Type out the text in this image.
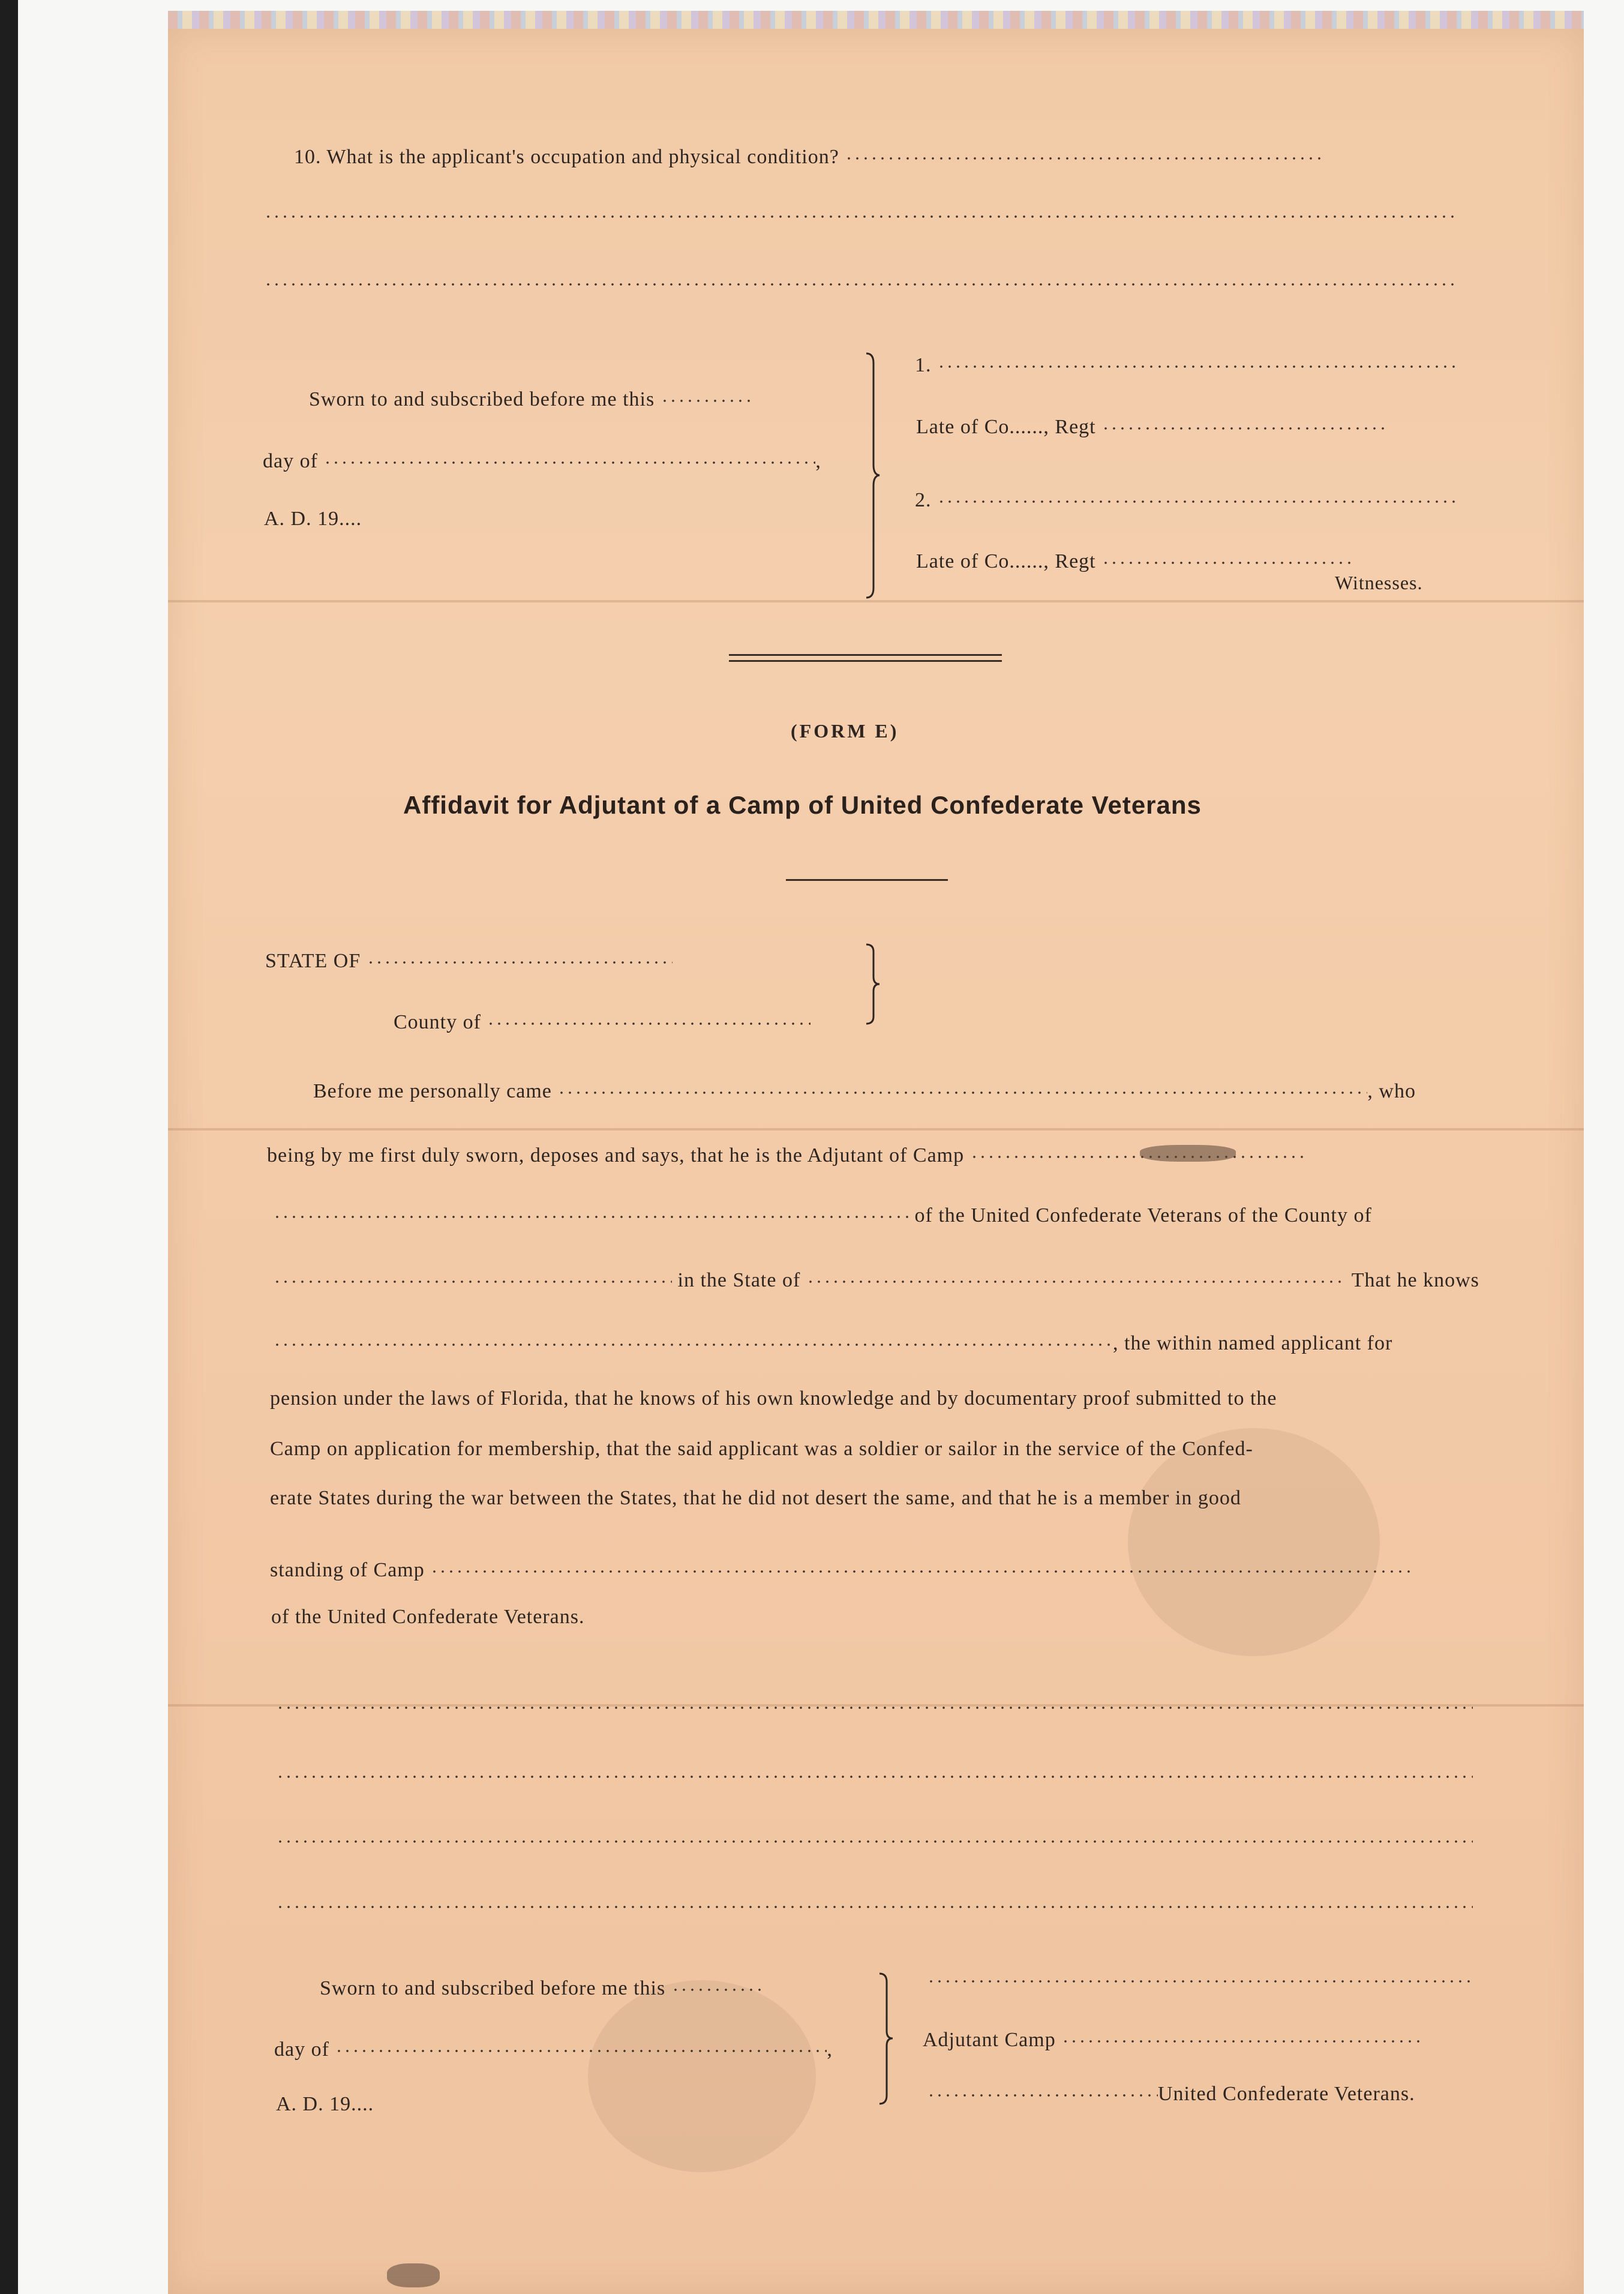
10. What is the applicant's occupation and physical condition?
Sworn to and subscribed before me this
day of	,
A. D. 19....
1.
Late of Co......, Regt
2.
Late of Co......, Regt
Witnesses.
(FORM E)
Affidavit for Adjutant of a Camp of United Confederate Veterans
STATE OF
County of
Before me personally came	, who
being by me first duly sworn, deposes and says, that he is the Adjutant of Camp
of the United Confederate Veterans of the County of
in the State of	That he knows
, the within named applicant for
pension under the laws of Florida, that he knows of his own knowledge and by documentary proof submitted to the
Camp on application for membership, that the said applicant was a soldier or sailor in the service of the Confed-
erate States during the war between the States, that he did not desert the same, and that he is a member in good
standing of Camp
of the United Confederate Veterans.
Sworn to and subscribed before me this
day of	,
A. D. 19....
Adjutant Camp
United Confederate Veterans.
